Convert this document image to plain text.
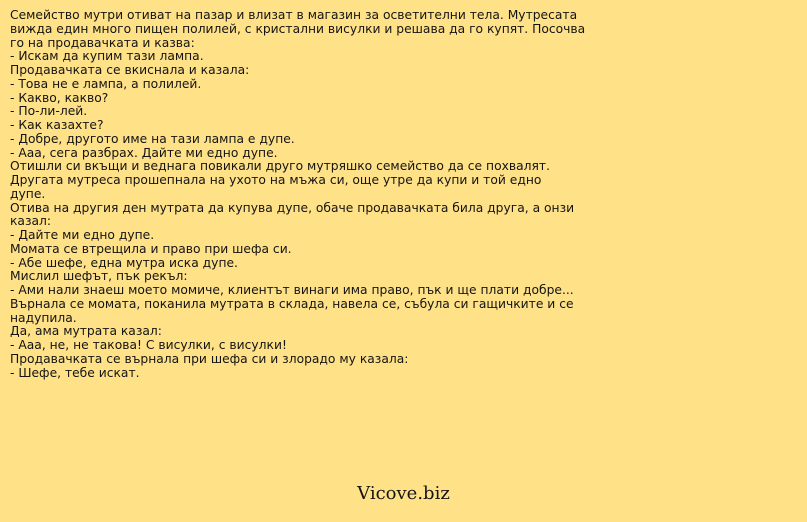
Семейство мутри отиват на пазар и влизат в магазин за осветителни тела. Мутресата
вижда един много пищен полилей, с кристални висулки и решава да го купят. Посочва
го на продавачката и казва:
- Искам да купим тази лампа.
Продавачката се вкиснала и казала:
- Това не е лампа, а полилей.
- Какво, какво?
- По-ли-лей.
- Как казахте?
- Добре, другото име на тази лампа е дупе.
- Ааа, сега разбрах. Дайте ми едно дупе.
Отишли си вкъщи и веднага повикали друго мутряшко семейство да се похвалят.
Другата мутреса прошепнала на ухото на мъжа си, още утре да купи и той едно
дупе.
Отива на другия ден мутрата да купува дупе, обаче продавачката била друга, а онзи
казал:
- Дайте ми едно дупе.
Момата се втрещила и право при шефа си.
- Абе шефе, една мутра иска дупе.
Мислил шефът, пък рекъл:
- Ами нали знаеш моето момиче, клиентът винаги има право, пък и ще плати добре...
Върнала се момата, поканила мутрата в склада, навела се, събула си гащичките и се
надупила.
Да, ама мутрата казал:
- Ааа, не, не такова! С висулки, с висулки!
Продавачката се върнала при шефа си и злорадо му казала:
- Шефе, тебе искат.
Vicove.biz
